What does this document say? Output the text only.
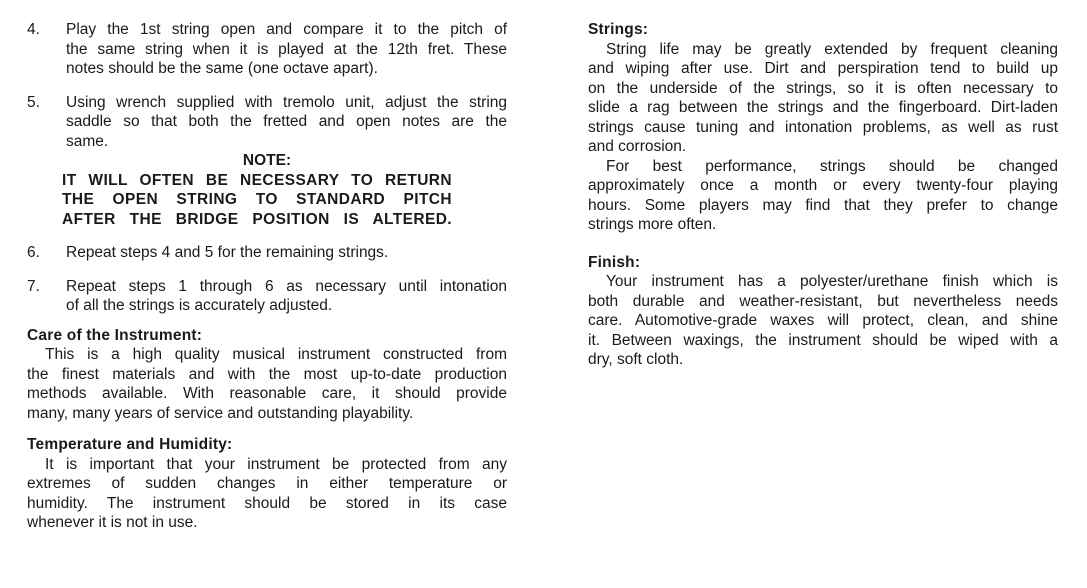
4. Play the 1st string open and compare it to the pitch of
the same string when it is played at the 12th fret. These
notes should be the same (one octave apart).
5. Using wrench supplied with tremolo unit, adjust the string
saddle so that both the fretted and open notes are the
same.
NOTE:
IT WILL OFTEN BE NECESSARY TO RETURN
THE OPEN STRING TO STANDARD PITCH
AFTER THE BRIDGE POSITION IS ALTERED.
6. Repeat steps 4 and 5 for the remaining strings.
7. Repeat steps 1 through 6 as necessary until intonation
of all the strings is accurately adjusted.
Care of the Instrument:
This is a high quality musical instrument constructed from
the finest materials and with the most up-to-date production
methods available. With reasonable care, it should provide
many, many years of service and outstanding playability.
Temperature and Humidity:
It is important that your instrument be protected from any
extremes of sudden changes in either temperature or
humidity. The instrument should be stored in its case
whenever it is not in use.
Strings:
String life may be greatly extended by frequent cleaning
and wiping after use. Dirt and perspiration tend to build up
on the underside of the strings, so it is often necessary to
slide a rag between the strings and the fingerboard. Dirt-laden
strings cause tuning and intonation problems, as well as rust
and corrosion.
For best performance, strings should be changed
approximately once a month or every twenty-four playing
hours. Some players may find that they prefer to change
strings more often.
Finish:
Your instrument has a polyester/urethane finish which is
both durable and weather-resistant, but nevertheless needs
care. Automotive-grade waxes will protect, clean, and shine
it. Between waxings, the instrument should be wiped with a
dry, soft cloth.
